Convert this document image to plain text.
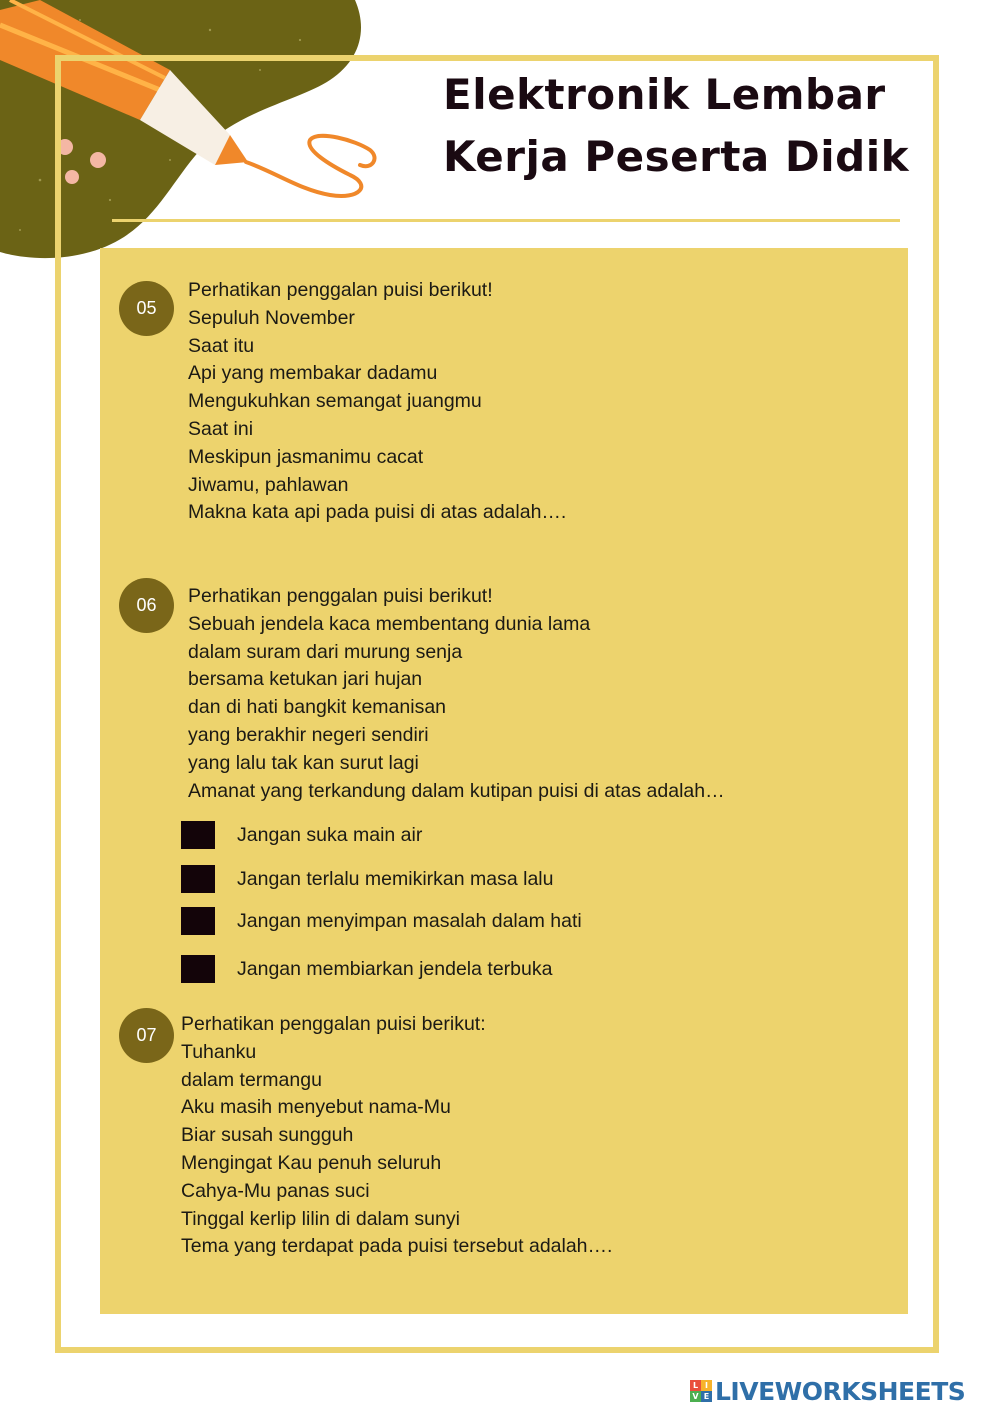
Elektronik Lembar
Kerja Peserta Didik
05
Perhatikan penggalan puisi berikut!
Sepuluh November
Saat itu
Api yang membakar dadamu
Mengukuhkan semangat juangmu
Saat ini
Meskipun jasmanimu cacat
Jiwamu, pahlawan
Makna kata api pada puisi di atas adalah….
06	Perhatikan penggalan puisi berikut!
Sebuah jendela kaca membentang dunia lama
dalam suram dari murung senja
bersama ketukan jari hujan
dan di hati bangkit kemanisan
yang berakhir negeri sendiri
yang lalu tak kan surut lagi
Amanat yang terkandung dalam kutipan puisi di atas adalah…
Jangan suka main air
Jangan terlalu memikirkan masa lalu
Jangan menyimpan masalah dalam hati
Jangan membiarkan jendela terbuka
07	Perhatikan penggalan puisi berikut:
Tuhanku
dalam termangu
Aku masih menyebut nama-Mu
Biar susah sungguh
Mengingat Kau penuh seluruh
Cahya-Mu panas suci
Tinggal kerlip lilin di dalam sunyi
Tema yang terdapat pada puisi tersebut adalah….
L I
V E LIVEWORKSHEETS
